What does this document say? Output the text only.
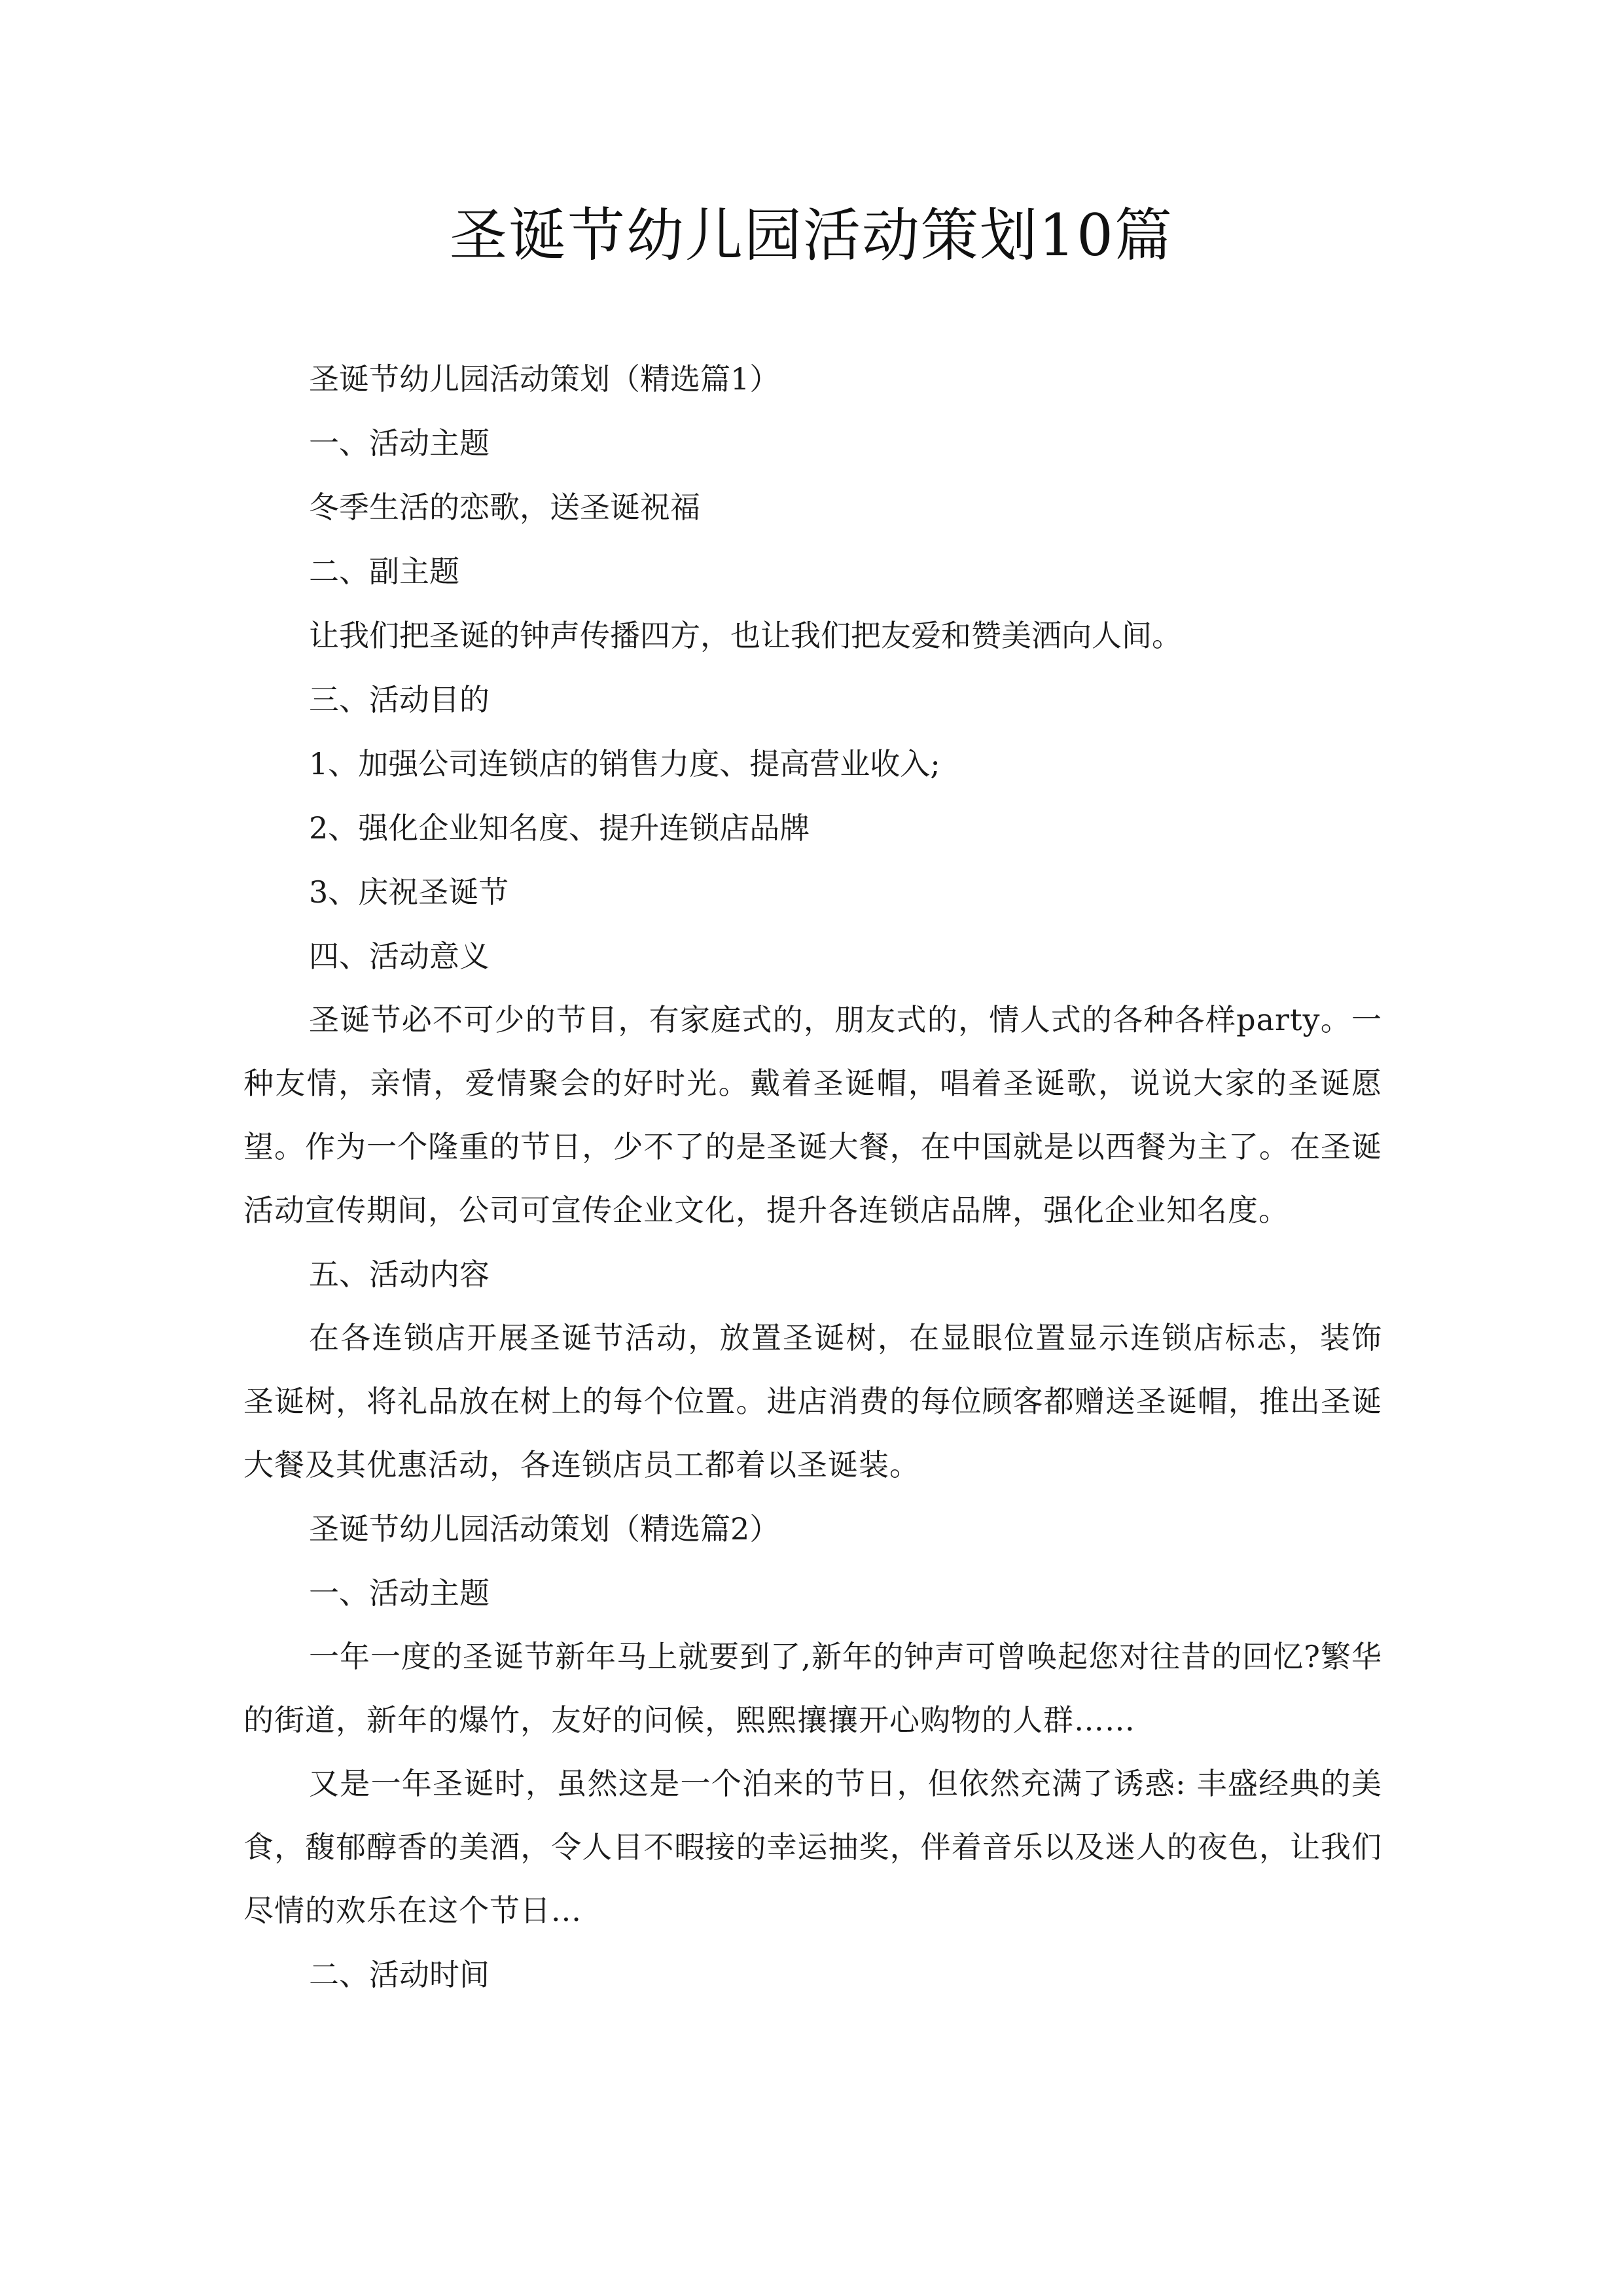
圣诞节幼儿园活动策划10篇

圣诞节幼儿园活动策划（精选篇1）

一、活动主题

冬季生活的恋歌，送圣诞祝福

二、副主题

让我们把圣诞的钟声传播四方，也让我们把友爱和赞美洒向人间。

三、活动目的

1、加强公司连锁店的销售力度、提高营业收入;

2、强化企业知名度、提升连锁店品牌

3、庆祝圣诞节

四、活动意义

圣诞节必不可少的节目，有家庭式的，朋友式的，情人式的各种各样party。一种友情，亲情，爱情聚会的好时光。戴着圣诞帽，唱着圣诞歌，说说大家的圣诞愿望。作为一个隆重的节日，少不了的是圣诞大餐，在中国就是以西餐为主了。在圣诞活动宣传期间，公司可宣传企业文化，提升各连锁店品牌，强化企业知名度。

五、活动内容

在各连锁店开展圣诞节活动，放置圣诞树，在显眼位置显示连锁店标志，装饰圣诞树，将礼品放在树上的每个位置。进店消费的每位顾客都赠送圣诞帽，推出圣诞大餐及其优惠活动，各连锁店员工都着以圣诞装。

圣诞节幼儿园活动策划（精选篇2）

一、活动主题

一年一度的圣诞节新年马上就要到了,新年的钟声可曾唤起您对往昔的回忆?繁华的街道，新年的爆竹，友好的问候，熙熙攘攘开心购物的人群……

又是一年圣诞时，虽然这是一个泊来的节日，但依然充满了诱惑: 丰盛经典的美食，馥郁醇香的美酒，令人目不暇接的幸运抽奖，伴着音乐以及迷人的夜色，让我们尽情的欢乐在这个节日...

二、活动时间
